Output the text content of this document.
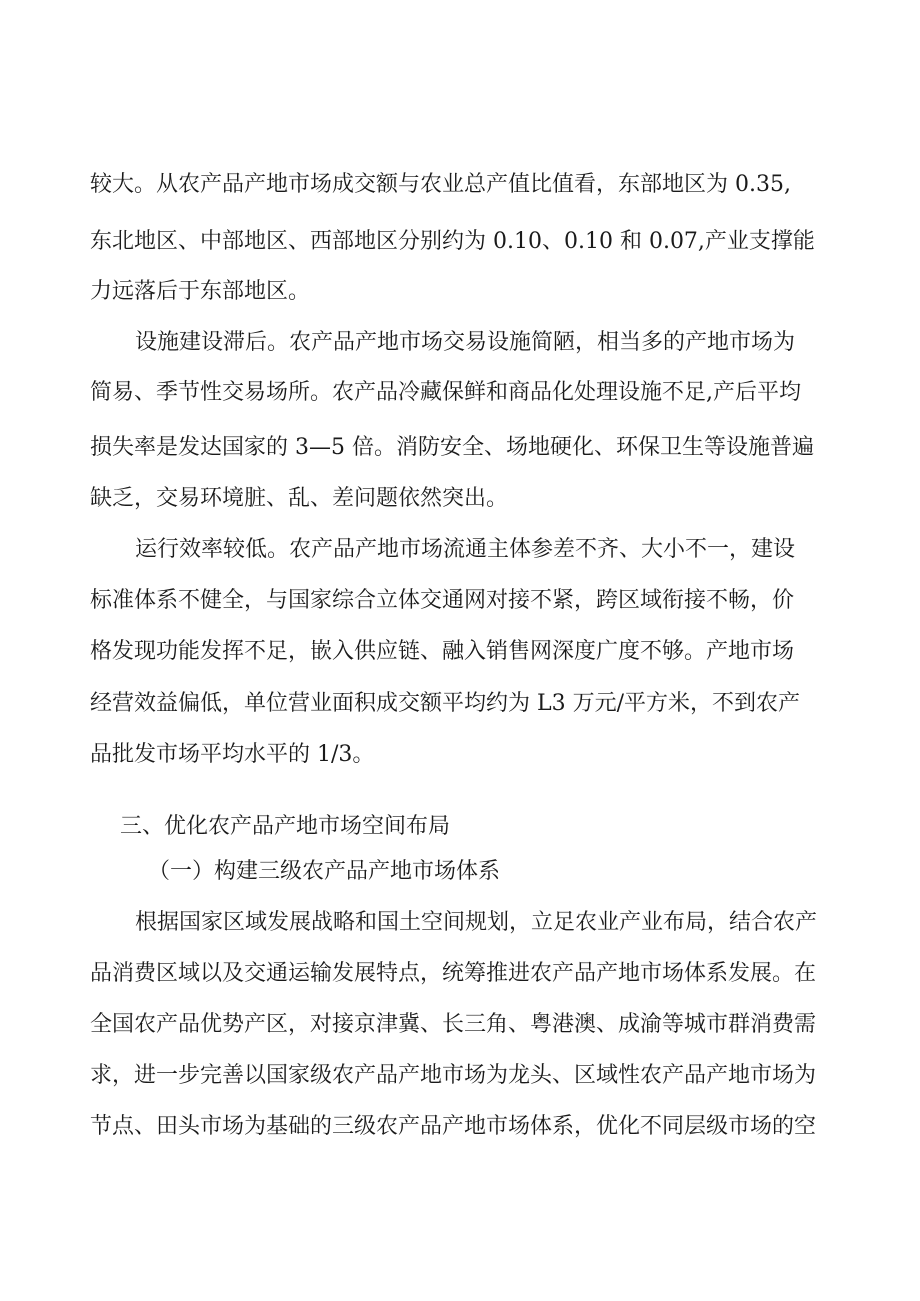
较大。从农产品产地市场成交额与农业总产值比值看，东部地区为 0.35,
东北地区、中部地区、西部地区分别约为 0.10、0.10 和 0.07,产业支撑能
力远落后于东部地区。
设施建设滞后。农产品产地市场交易设施简陋，相当多的产地市场为
简易、季节性交易场所。农产品冷藏保鲜和商品化处理设施不足,产后平均
损失率是发达国家的 3—5 倍。消防安全、场地硬化、环保卫生等设施普遍
缺乏，交易环境脏、乱、差问题依然突出。
运行效率较低。农产品产地市场流通主体参差不齐、大小不一，建设
标准体系不健全，与国家综合立体交通网对接不紧，跨区域衔接不畅，价
格发现功能发挥不足，嵌入供应链、融入销售网深度广度不够。产地市场
经营效益偏低，单位营业面积成交额平均约为 L3 万元/平方米，不到农产
品批发市场平均水平的 1/3。
三、优化农产品产地市场空间布局
（一）构建三级农产品产地市场体系
根据国家区域发展战略和国土空间规划，立足农业产业布局，结合农产
品消费区域以及交通运输发展特点，统筹推进农产品产地市场体系发展。在
全国农产品优势产区，对接京津冀、长三角、粤港澳、成渝等城市群消费需
求，进一步完善以国家级农产品产地市场为龙头、区域性农产品产地市场为
节点、田头市场为基础的三级农产品产地市场体系，优化不同层级市场的空
